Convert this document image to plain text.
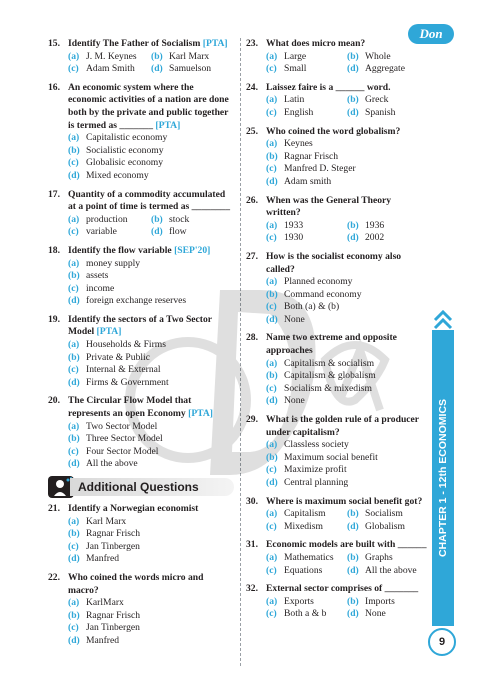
Don
15. Identify The Father of Socialism [PTA]
(a) J. M. Keynes (b) Karl Marx
(c) Adam Smith (d) Samuelson
16. An economic system where the economic activities of a nation are done both by the private and public together is termed as _______ [PTA]
(a) Capitalistic economy
(b) Socialistic economy
(c) Globalisic economy
(d) Mixed economy
17. Quantity of a commodity accumulated at a point of time is termed as ________
(a) production (b) stock
(c) variable	(d) flow
18. Identify the flow variable [SEP'20]
(a) money supply
(b) assets
(c) income
(d) foreign exchange reserves
19. Identify the sectors of a Two Sector Model [PTA]
(a) Households & Firms
(b) Private & Public
(c) Internal & External
(d) Firms & Government
20. The Circular Flow Model that represents an open Economy [PTA]
(a) Two Sector Model
(b) Three Sector Model
(c) Four Sector Model
(d) All the above
Additional Questions
21. Identify a Norwegian economist
(a) Karl Marx
(b) Ragnar Frisch
(c) Jan Tinbergen
(d) Manfred
22. Who coined the words micro and macro?
(a) KarlMarx
(b) Ragnar Frisch
(c) Jan Tinbergen
(d) Manfred
23. What does micro mean?
(a) Large	(b) Whole
(c) Small	(d) Aggregate
24. Laissez faire is a ______ word.
(a) Latin	(b) Greck
(c) English	(d) Spanish
25. Who coined the word globalism?
(a) Keynes
(b) Ragnar Frisch
(c) Manfred D. Steger
(d) Adam smith
26. When was the General Theory written?
(a) 1933	(b) 1936
(c) 1930	(d) 2002
27. How is the socialist economy also called?
(a) Planned economy
(b) Command economy
(c) Both (a) & (b)
(d) None
28. Name two extreme and opposite approaches
(a) Capitalism & socialism
(b) Capitalism & globalism
(c) Socialism & mixedism
(d) None
29. What is the golden rule of a producer under capitalism?
(a) Classless society
(b) Maximum social benefit
(c) Maximize profit
(d) Central planning
30. Where is maximum social benefit got?
(a) Capitalism (b) Socialism
(c) Mixedism	(d) Globalism
31. Economic models are built with ______
(a) Mathematics (b) Graphs
(c) Equations	(d) All the above
32. External sector comprises of _______
(a) Exports	(b) Imports
(c) Both a & b (d) None
CHAPTER 1 - 12th ECONOMICS
9
